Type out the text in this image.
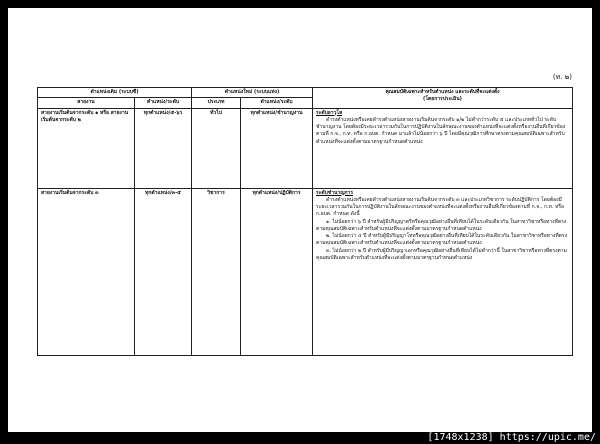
(ท. ๒)
ตำแหน่งเดิม (ระบบซี)		ตำแหน่งใหม่ (ระบบแท่ง)		คุณสมบัติเฉพาะสำหรับตำแหน่ง และระดับที่จะแต่งตั้ง
(โดยการประเมิน)

สายงาน	ตำแหน่ง/ระดับ	ประเภท	ตำแหน่ง/ระดับ	
สายงานเริ่มต้นจากระดับ ๑ หรือ สายงานเริ่มต้นจากระดับ ๒	ทุกตำแหน่ง/๕-๖ว	ทั่วไป	ทุกตำแหน่ง/ชำนาญงาน	ระดับอาวุโส

ดำรงตำแหน่งหรือเคยดำรงตำแหน่งสายงานเริ่มต้นจากระดับ ๑/๒ ไม่ต่ำกว่าระดับ ๕ และประเภททั่วไป ระดับชำนาญงาน โดยต้องมีระยะเวลารวมกันในการปฏิบัติงานในลักษณะงานของตำแหน่งที่จะแต่งตั้งหรืองานอื่นที่เกี่ยวข้องตามที่ ก.จ., ก.ท. หรือ ก.อบต. กำหนด มาแล้วไม่น้อยกว่า ๖ ปี โดยมีคุณวุฒิการศึกษาตรงตามคุณสมบัติเฉพาะสำหรับตำแหน่งที่จะแต่งตั้งตามมาตรฐานกำหนดตำแหน่ง

สายงานเริ่มต้นจากระดับ ๓	ทุกตำแหน่ง/๓-๕	วิชาการ	ทุกตำแหน่ง/ปฏิบัติการ	ระดับชำนาญการ

ดำรงตำแหน่งหรือเคยดำรงตำแหน่งสายงานเริ่มต้นจากระดับ ๓ และประเภทวิชาการ ระดับปฏิบัติการ โดยต้องมีระยะเวลารวมกันในการปฏิบัติงานในลักษณะงานของตำแหน่งที่จะแต่งตั้งหรืองานอื่นที่เกี่ยวข้องตามที่ ก.จ., ก.ท. หรือ ก.อบต. กำหนด ดังนี้

๑. ไม่น้อยกว่า ๖ ปี สำหรับผู้มีปริญญาตรีหรือคุณวุฒิอย่างอื่นที่เทียบได้ในระดับเดียวกัน ในสาขาวิชาหรือทางที่ตรงตามคุณสมบัติเฉพาะสำหรับตำแหน่งที่จะแต่งตั้งตามมาตรฐานกำหนดตำแหน่ง

๒. ไม่น้อยกว่า ๔ ปี สำหรับผู้มีปริญญาโทหรือคุณวุฒิอย่างอื่นที่เทียบได้ในระดับเดียวกัน ในสาขาวิชาหรือทางที่ตรงตามคุณสมบัติเฉพาะสำหรับตำแหน่งที่จะแต่งตั้งตามมาตรฐานกำหนดตำแหน่ง

๓. ไม่น้อยกว่า ๒ ปี สำหรับผู้มีปริญญาเอกหรือคุณวุฒิอย่างอื่นที่เทียบได้ไม่ต่ำกว่านี้ ในสาขาวิชาหรือทางที่ตรงตามคุณสมบัติเฉพาะสำหรับตำแหน่งที่จะแต่งตั้งตามมาตรฐานกำหนดตำแหน่ง

[1748x1238] https://upic.me/
